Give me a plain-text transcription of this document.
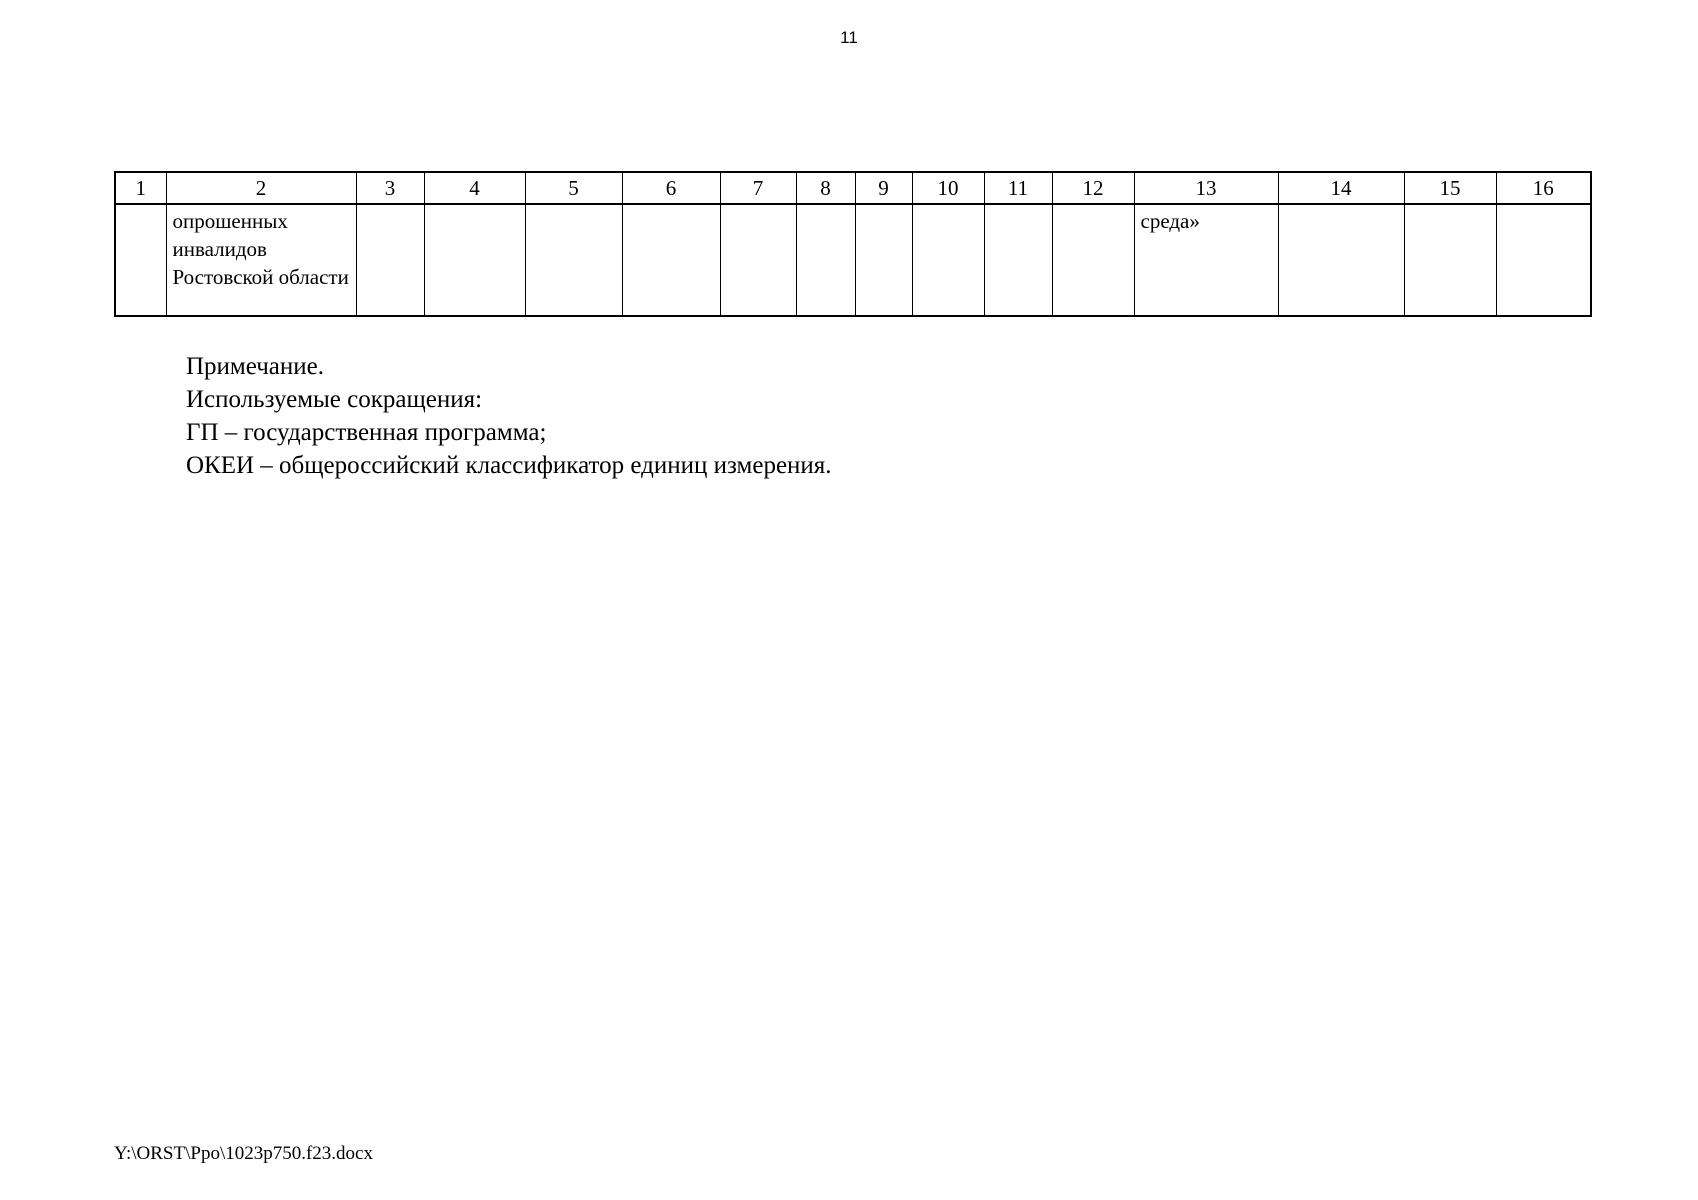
11
1	2	3	4	5	6	7	8	9	10	11	12	13	14	15	16
	опрошенных инвалидов Ростовской области											среда»			
Примечание.
Используемые сокращения:
ГП – государственная программа;
ОКЕИ – общероссийский классификатор единиц измерения.
Y:\ORST\Ppo\1023p750.f23.docx
